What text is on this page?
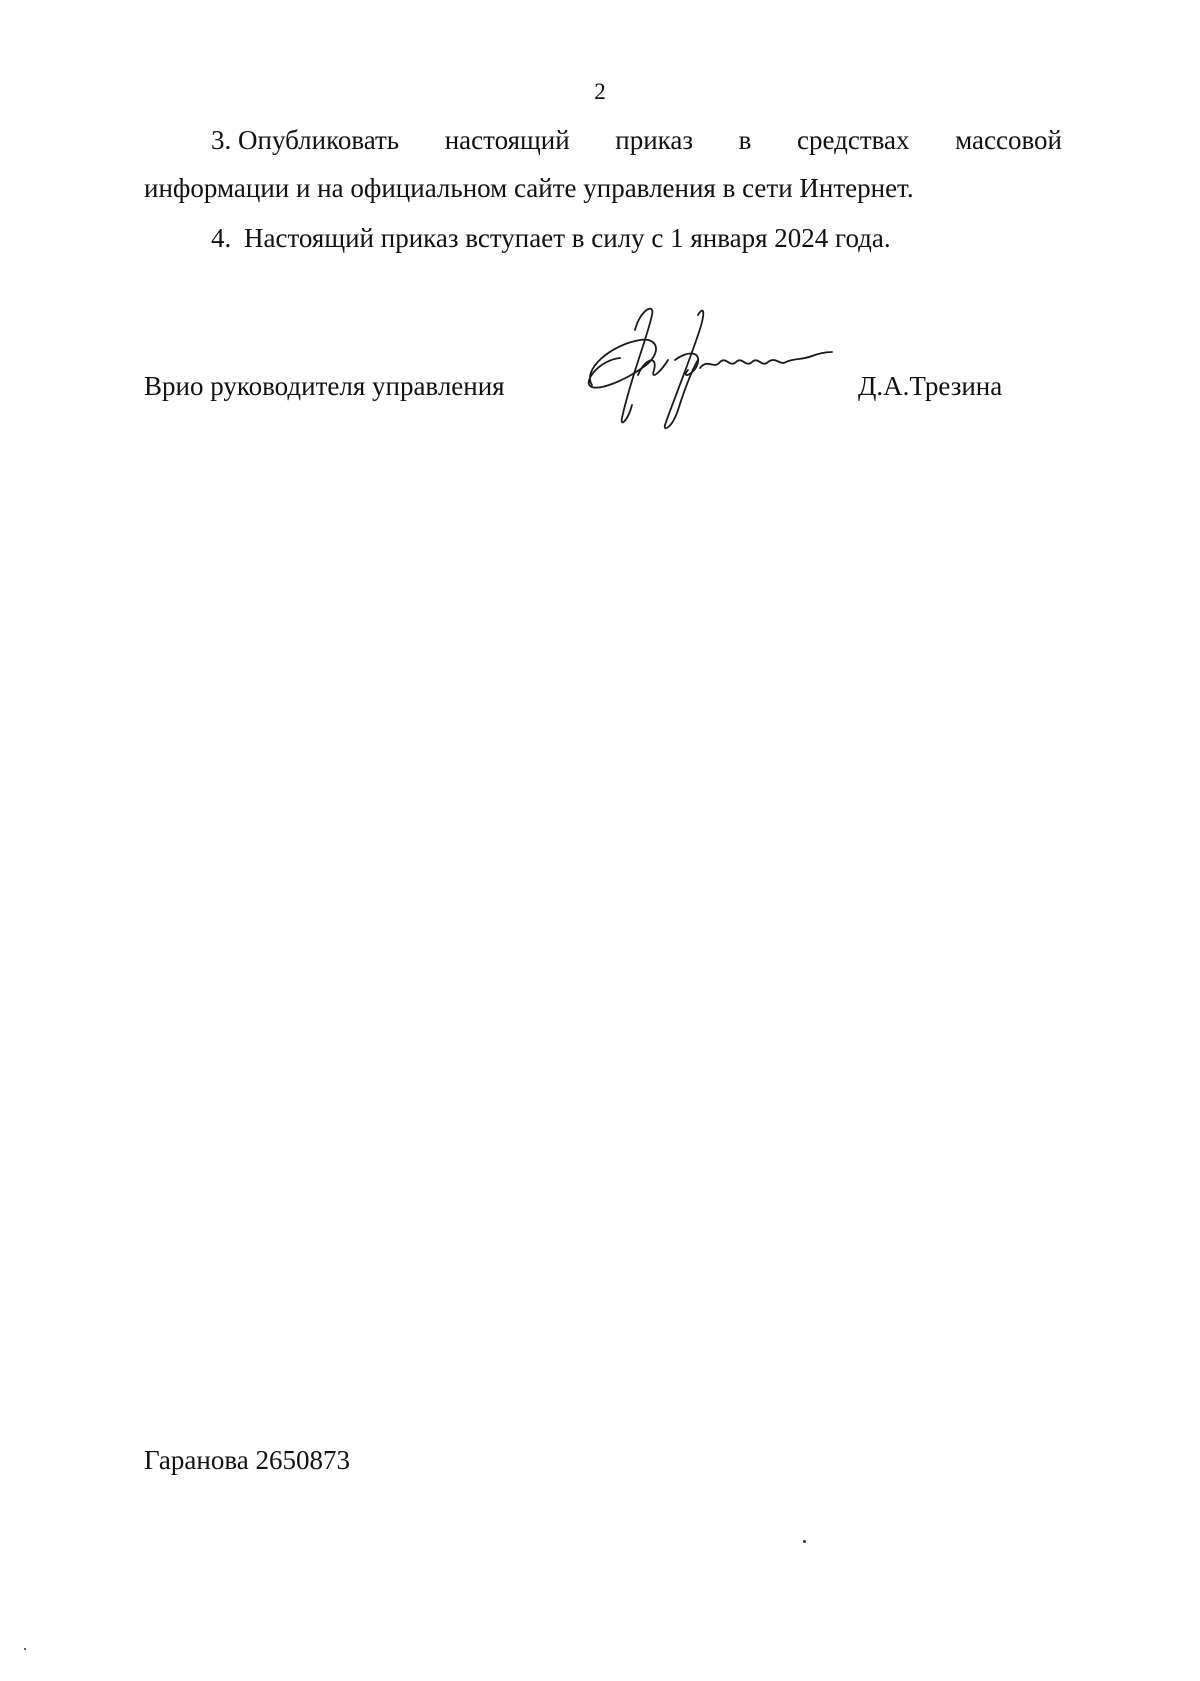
2
3. Опубликовать настоящий приказ в средствах массовой
информации и на официальном сайте управления в сети Интернет.
4. Настоящий приказ вступает в силу с 1 января 2024 года.
Врио руководителя управления	Д.А.Трезина
Гаранова 2650873
